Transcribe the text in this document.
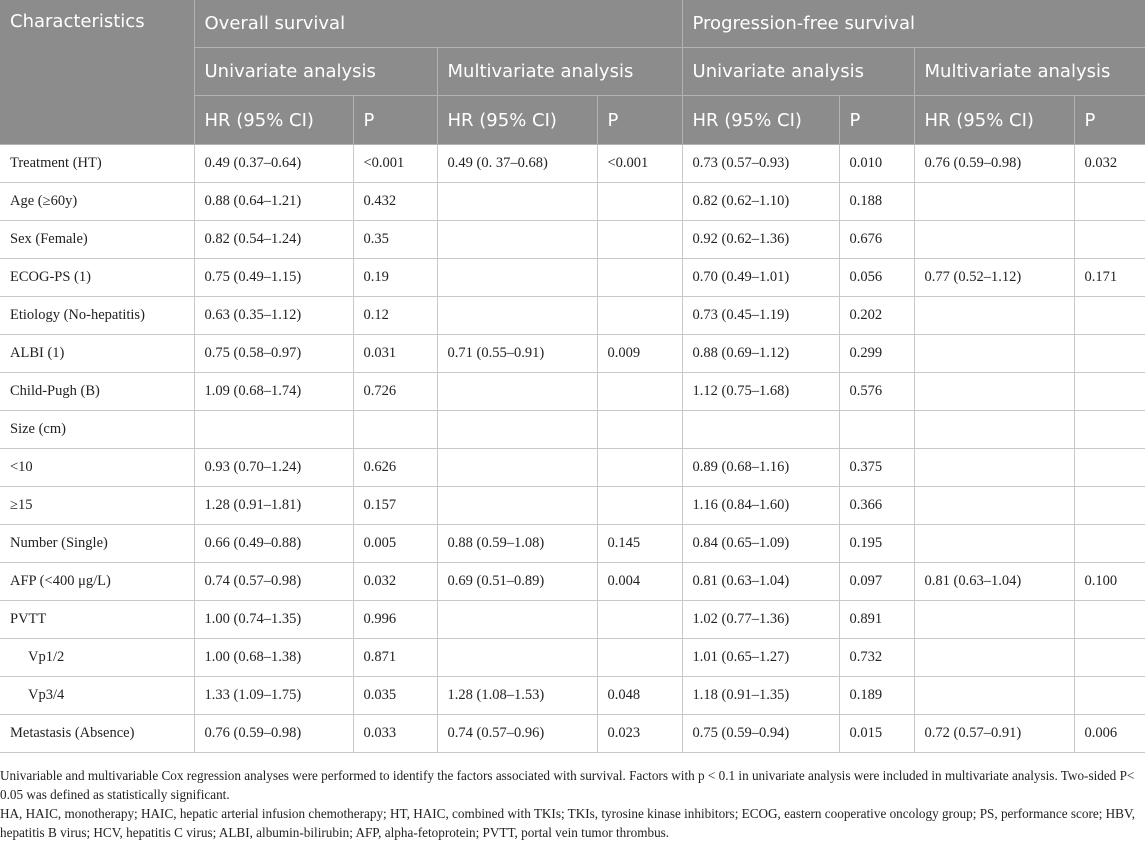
Characteristics	Overall survival				Progression-free survival			
	Univariate analysis		Multivariate analysis		Univariate analysis		Multivariate analysis	
	HR (95% CI)	P	HR (95% CI)	P	HR (95% CI)	P	HR (95% CI)	P
Treatment (HT)	0.49 (0.37–0.64)	<0.001	0.49 (0. 37–0.68)	<0.001	0.73 (0.57–0.93)	0.010	0.76 (0.59–0.98)	0.032
Age (≥60y)	0.88 (0.64–1.21)	0.432			0.82 (0.62–1.10)	0.188		
Sex (Female)	0.82 (0.54–1.24)	0.35			0.92 (0.62–1.36)	0.676		
ECOG-PS (1)	0.75 (0.49–1.15)	0.19			0.70 (0.49–1.01)	0.056	0.77 (0.52–1.12)	0.171
Etiology (No-hepatitis)	0.63 (0.35–1.12)	0.12			0.73 (0.45–1.19)	0.202		
ALBI (1)	0.75 (0.58–0.97)	0.031	0.71 (0.55–0.91)	0.009	0.88 (0.69–1.12)	0.299		
Child-Pugh (B)	1.09 (0.68–1.74)	0.726			1.12 (0.75–1.68)	0.576		
Size (cm)								
<10	0.93 (0.70–1.24)	0.626			0.89 (0.68–1.16)	0.375		
≥15	1.28 (0.91–1.81)	0.157			1.16 (0.84–1.60)	0.366		
Number (Single)	0.66 (0.49–0.88)	0.005	0.88 (0.59–1.08)	0.145	0.84 (0.65–1.09)	0.195		
AFP (<400 μg/L)	0.74 (0.57–0.98)	0.032	0.69 (0.51–0.89)	0.004	0.81 (0.63–1.04)	0.097	0.81 (0.63–1.04)	0.100
PVTT	1.00 (0.74–1.35)	0.996			1.02 (0.77–1.36)	0.891		
Vp1/2	1.00 (0.68–1.38)	0.871			1.01 (0.65–1.27)	0.732		
Vp3/4	1.33 (1.09–1.75)	0.035	1.28 (1.08–1.53)	0.048	1.18 (0.91–1.35)	0.189		
Metastasis (Absence)	0.76 (0.59–0.98)	0.033	0.74 (0.57–0.96)	0.023	0.75 (0.59–0.94)	0.015	0.72 (0.57–0.91)	0.006

Univariable and multivariable Cox regression analyses were performed to identify the factors associated with survival. Factors with p < 0.1 in univariate analysis were included in multivariate analysis. Two-sided P< 0.05 was defined as statistically significant.

HA, HAIC, monotherapy; HAIC, hepatic arterial infusion chemotherapy; HT, HAIC, combined with TKIs; TKIs, tyrosine kinase inhibitors; ECOG, eastern cooperative oncology group; PS, performance score; HBV, hepatitis B virus; HCV, hepatitis C virus; ALBI, albumin-bilirubin; AFP, alpha-fetoprotein; PVTT, portal vein tumor thrombus.
